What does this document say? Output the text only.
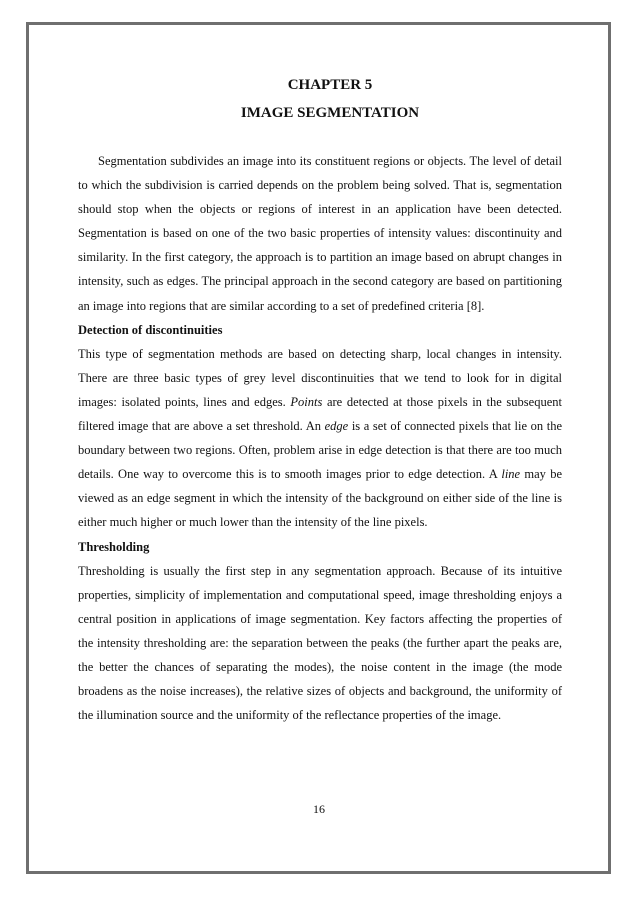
CHAPTER 5
IMAGE SEGMENTATION

Segmentation subdivides an image into its constituent regions or objects. The level of detail to which the subdivision is carried depends on the problem being solved. That is, segmentation should stop when the objects or regions of interest in an application have been detected. Segmentation is based on one of the two basic properties of intensity values: discontinuity and similarity. In the first category, the approach is to partition an image based on abrupt changes in intensity, such as edges. The principal approach in the second category are based on partitioning an image into regions that are similar according to a set of predefined criteria [8].

Detection of discontinuities

This type of segmentation methods are based on detecting sharp, local changes in intensity. There are three basic types of grey level discontinuities that we tend to look for in digital images: isolated points, lines and edges. Points are detected at those pixels in the subsequent filtered image that are above a set threshold. An edge is a set of connected pixels that lie on the boundary between two regions. Often, problem arise in edge detection is that there are too much details. One way to overcome this is to smooth images prior to edge detection. A line may be viewed as an edge segment in which the intensity of the background on either side of the line is either much higher or much lower than the intensity of the line pixels.

Thresholding

Thresholding is usually the first step in any segmentation approach. Because of its intuitive properties, simplicity of implementation and computational speed, image thresholding enjoys a central position in applications of image segmentation. Key factors affecting the properties of the intensity thresholding are: the separation between the peaks (the further apart the peaks are, the better the chances of separating the modes), the noise content in the image (the mode broadens as the noise increases), the relative sizes of objects and background, the uniformity of the illumination source and the uniformity of the reflectance properties of the image.

16
